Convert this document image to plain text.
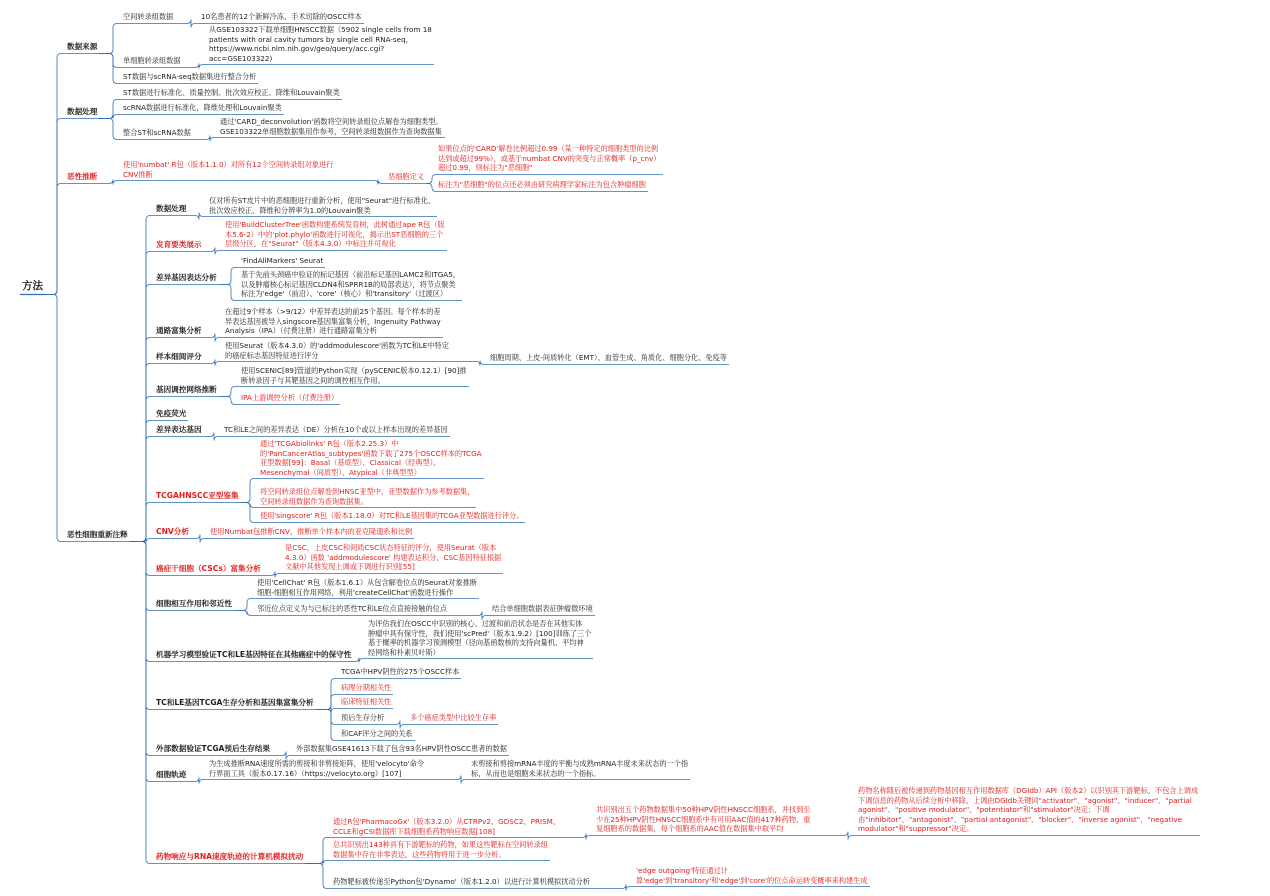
方法
数据来源
空间转录组数据	10名患者的12个新鲜冷冻、手术切除的OSCC样本
单细胞转录组数据
从GSE103322下载单细胞HNSCC数据（5902 single cells from 18
patients with oral cavity tumors by single cell RNA-seq，
https://www.ncbi.nlm.nih.gov/geo/query/acc.cgi?
acc=GSE103322)
ST数据与scRNA-seq数据集进行整合分析
数据处理
ST数据进行标准化、质量控制、批次效应校正、降维和Louvain聚类
scRNA数据进行标准化，降维处理和Louvain聚类
整合ST和scRNA数据
通过'CARD_deconvolution'函数将空间转录组位点解卷为细胞类型。
GSE103322单细胞数据集用作参考，空间转录组数据作为查询数据集
恶性推断
使用'numbat' R包（版本1.1.0）对所有12个空间转录组对象进行
CNV推断	恶细胞定义
如果位点的'CARD'解卷比例超过0.99（某一种特定的细胞类型的比例
达到或超过99%），或基于numbat CNV的突变与正常概率（p_cnv）
超过0.99，则标注为"恶细胞"
标注为"恶细胞"的位点还必须由研究病理学家标注为包含肿瘤细胞
恶性细胞重新注释
数据处理
仅对所有ST皮片中的恶细胞进行重新分析，使用"Seurat"进行标准化、
批次效应校正、降维和分辨率为1.0的Louvain聚类
发育要类展示
使用'BuildClusterTree'函数构建系统发育树，此树通过ape R包（版
本5.6-2）中的'plot.phylo'函数进行可视化，揭示出ST恶细胞的三个
层级分区，在"Seurat"（版本4.3.0）中标注并可视化
差异基因表达分析
'FindAllMarkers' Seurat
基于先前头颈癌中验证的标记基因（前沿标记基因LAMC2和ITGA5，
以及肿瘤核心标记基因CLDN4和SPRR1B的局部表达），将节点聚类
标注为'edge'（前沿）、'core'（核心）和'transitory'（过渡区）
通路富集分析
在超过9个样本（>9/12）中差异表达的前25个基因。每个样本的差
异表达基因被导入singscore基因集富集分析，Ingenuity Pathway
Analysis（IPA）（付费注册）进行通路富集分析
样本细阅评分
使用Seurat（版本4.3.0）的'addmodulescore'函数为TC和LE中特定
的癌症标志基因特征进行评分	细胞周期、上皮-间质转化（EMT）、血管生成、角质化、细胞分化、免疫等
基因调控网络推断
使用SCENIC[89]管道的Python实现（pySCENIC版本0.12.1）[90]推
断转录因子与其靶基因之间的调控相互作用。
IPA上游调控分析（付费注册）
免疫荧光
差异表达基因	TC和LE之间的差异表达（DE）分析在10个或以上样本出现的差异基因
TCGAHNSCC亚型鉴集
通过'TCGAbiolinks' R包（版本2.25.3）中
的'PanCancerAtlas_subtypes'函数下载了275个OSCC样本的TCGA
亚型数据[99]：Basal（基底型）、Classical（经典型）、
Mesenchymal（间质型）、Atypical（非典型型）
将空间转录组位点解卷到HNSC亚型中，亚型数据作为参考数据集，
空间转录组数据作为查询数据集。
使用'singscore' R包（版本1.18.0）对TC和LE基因集的TCGA亚型数据进行评分。
CNV分析	使用Numbat包推断CNV，推断单个样本内的亚克隆遗系和比例
癌症干细胞（CSCs）富集分析
是CSC，上皮CSC和间质CSC状态特征的评分，使用Seurat（版本
4.3.0）函数 'addmodulescore' 构建表达积分，CSC基因特征根据
文献中其他发现上调或下调进行识别[55]
细胞相互作用和邻近性
使用'CellChat' R包（版本1.6.1）从包含解卷位点的Seurat对象推断
细胞-细胞相互作用网络，利用'createCellChat'函数进行操作
邻近位点定义为与已标注的恶性TC和LE位点直接接触的位点	结合单细胞数据表征肿瘤微环境
机器学习模型验证TC和LE基因特征在其他癌症中的保守性
为评估我们在OSCC中识别的核心、过渡和前沿状态是否在其他实体
肿瘤中具有保守性，我们使用'scPred'（版本1.9.2）[100]训练了三个
基于概率的机器学习预测模型（径向基函数核的支持向量机、平均神
经网络和朴素贝叶斯）
TC和LE基因TCGA生存分析和基因集富集分析
TCGA中HPV阴性的275个OSCC样本
病理分期相关性
临床特征相关性
预后生存分析	多个癌症类型中比较生存率
和CAF评分之间的关系
外部数据验证TCGA预后生存结果	外部数据集GSE41613下载了包含93名HPV阴性OSCC患者的数据
细胞轨迹
为生成推断RNA速度所需的剪接和非剪接矩阵，使用'velocyto'命令
行界面工具（版本0.17.16）（https://velocyto.org）[107]
未剪接和剪接mRNA丰度的平衡与成熟mRNA丰度未来状态的一个指
标，从而也是细胞未来状态的一个指标。
药物响应与RNA速度轨迹的计算机模拟扰动
通过R包'PharmacoGx'（版本3.2.0）从CTRPv2、GDSC2、PRISM、
CCLE和gCSI数据库下载细胞系药物响应数据[108]
共识别出五个药物数据集中50种HPV阴性HNSCC细胞系，并找到至
少在25种HPV阴性HNSCC细胞系中有可用AAC值的417种药物，重
复细胞系的数据集，每个细胞系的AAC值在数据集中取平均
药物名称随后被传递到药物基因相互作用数据库（DGIdb）API（版本2）以识别其下游靶标，不包含上调成
下调信息的药物从后续分析中移除，上调由DGIdb关键词"activator"、"agonist"、"inducer"、"partial
agonist"、"positive modulator"、"potentiator"和"stimulator"决定；下调
由"inhibitor"、"antagonist"、"partial antagonist"、"blocker"、"inverse agonist"、"negative
modulator"和"suppressor"决定。
总共识别出143种具有下游靶标的药物，如果这些靶标在空间转录组
数据集中存在非零表达，这些药物将用于进一步分析。
药物靶标被传递至Python包'Dynamo'（版本1.2.0）以进行计算机模拟扰动分析
'edge outgoing'特征通过计
算'edge'到'transitory'和'edge'到'core'的位点命运转变概率来构建生成
